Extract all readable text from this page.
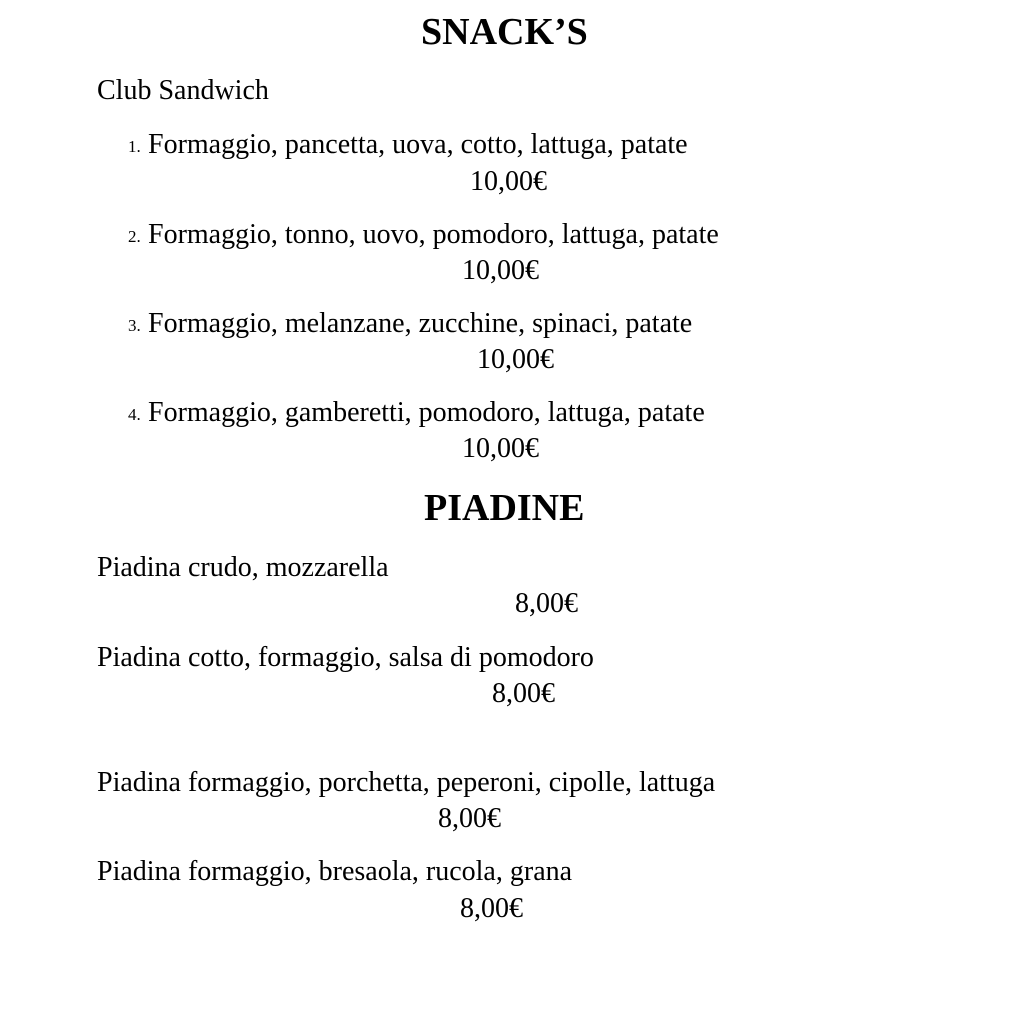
SNACK’S
Club Sandwich
1. Formaggio, pancetta, uova, cotto, lattuga, patate
10,00€
2. Formaggio, tonno, uovo, pomodoro, lattuga, patate
10,00€
3. Formaggio, melanzane, zucchine, spinaci, patate
10,00€
4. Formaggio, gamberetti, pomodoro, lattuga, patate
10,00€
PIADINE
Piadina crudo, mozzarella
8,00€
Piadina cotto, formaggio, salsa di pomodoro
8,00€
Piadina formaggio, porchetta, peperoni, cipolle, lattuga
8,00€
Piadina formaggio, bresaola, rucola, grana
8,00€
